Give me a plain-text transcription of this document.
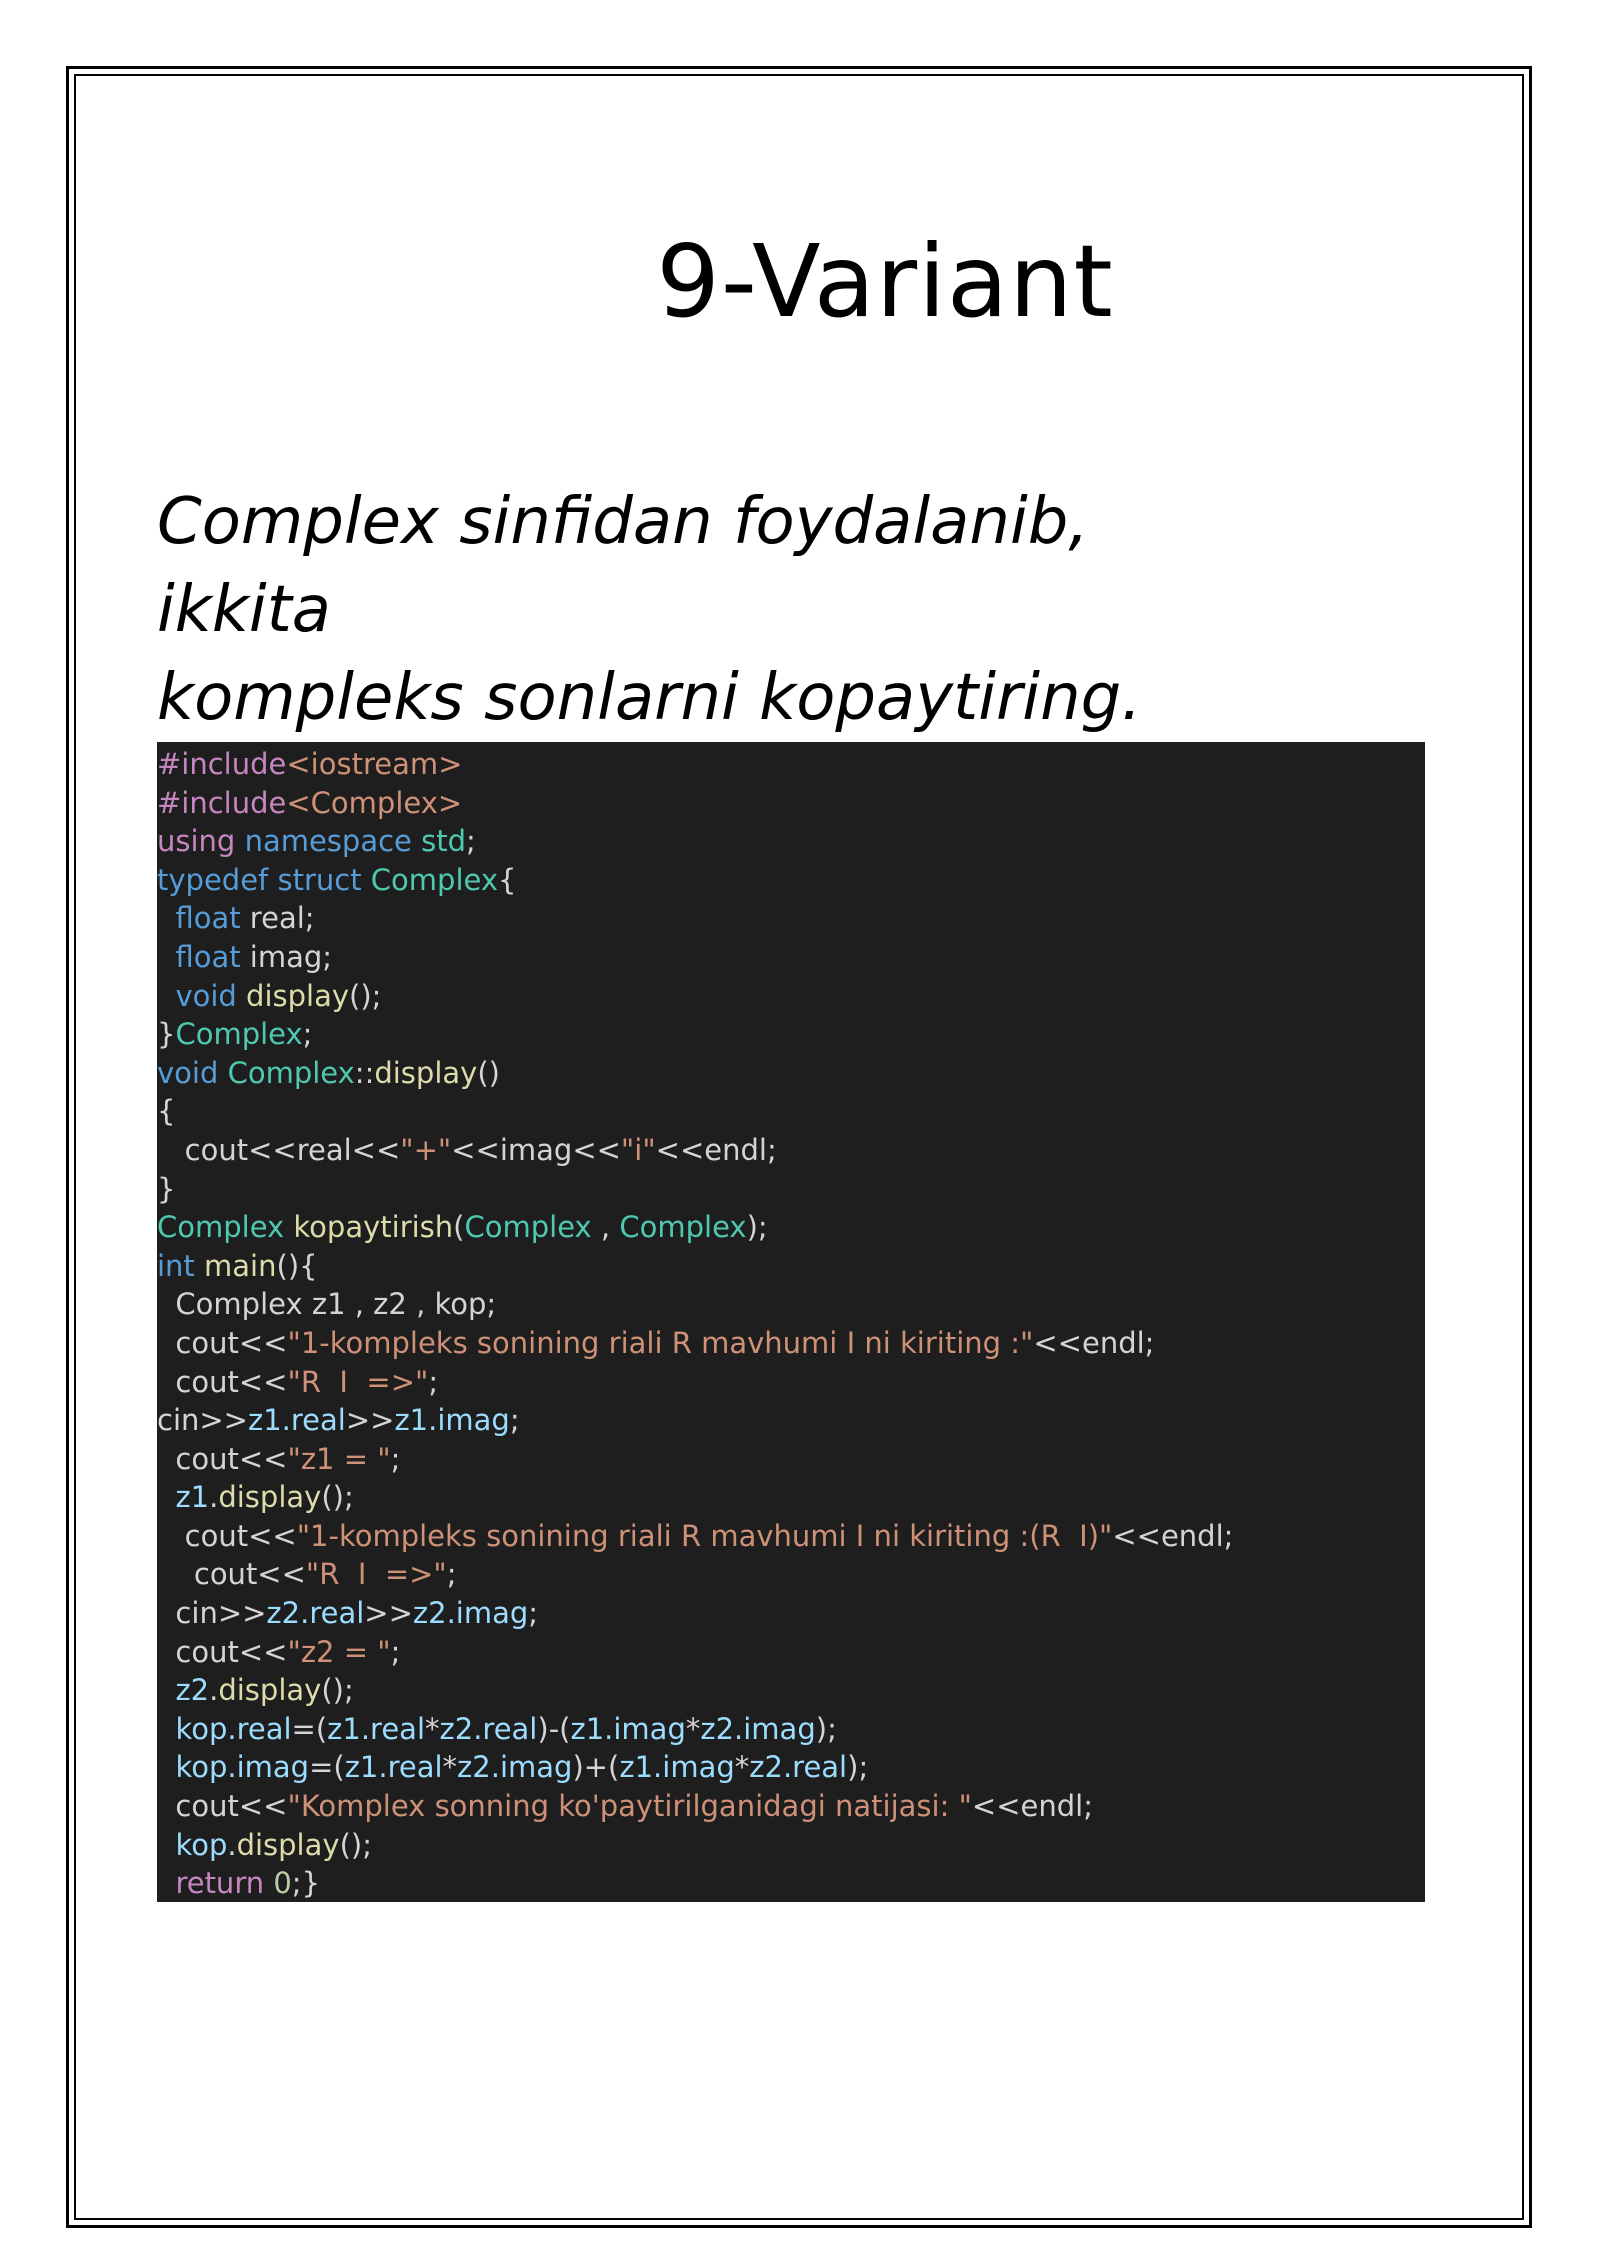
9-Variant

Complex sinfidan foydalanib, ikkita
kompleks sonlarni kopaytiring.

#include<iostream>
#include<Complex>
using namespace std;
typedef struct Complex{
float real;
float imag;
void display();
}Complex;
void Complex::display()
{
cout<<real<<"+"<<imag<<"i"<<endl;
}
Complex kopaytirish(Complex , Complex);
int main(){
Complex z1 , z2 , kop;
cout<<"1-kompleks sonining riali R mavhumi I ni kiriting :"<<endl;
cout<<"R  I  =>";
cin>>z1.real>>z1.imag;
cout<<"z1 = ";
z1.display();
cout<<"1-kompleks sonining riali R mavhumi I ni kiriting :(R  I)"<<endl;
cout<<"R  I  =>";
cin>>z2.real>>z2.imag;
cout<<"z2 = ";
z2.display();
kop.real=(z1.real*z2.real)-(z1.imag*z2.imag);
kop.imag=(z1.real*z2.imag)+(z1.imag*z2.real);
cout<<"Komplex sonning ko'paytirilganidagi natijasi: "<<endl;
kop.display();
return 0;}
